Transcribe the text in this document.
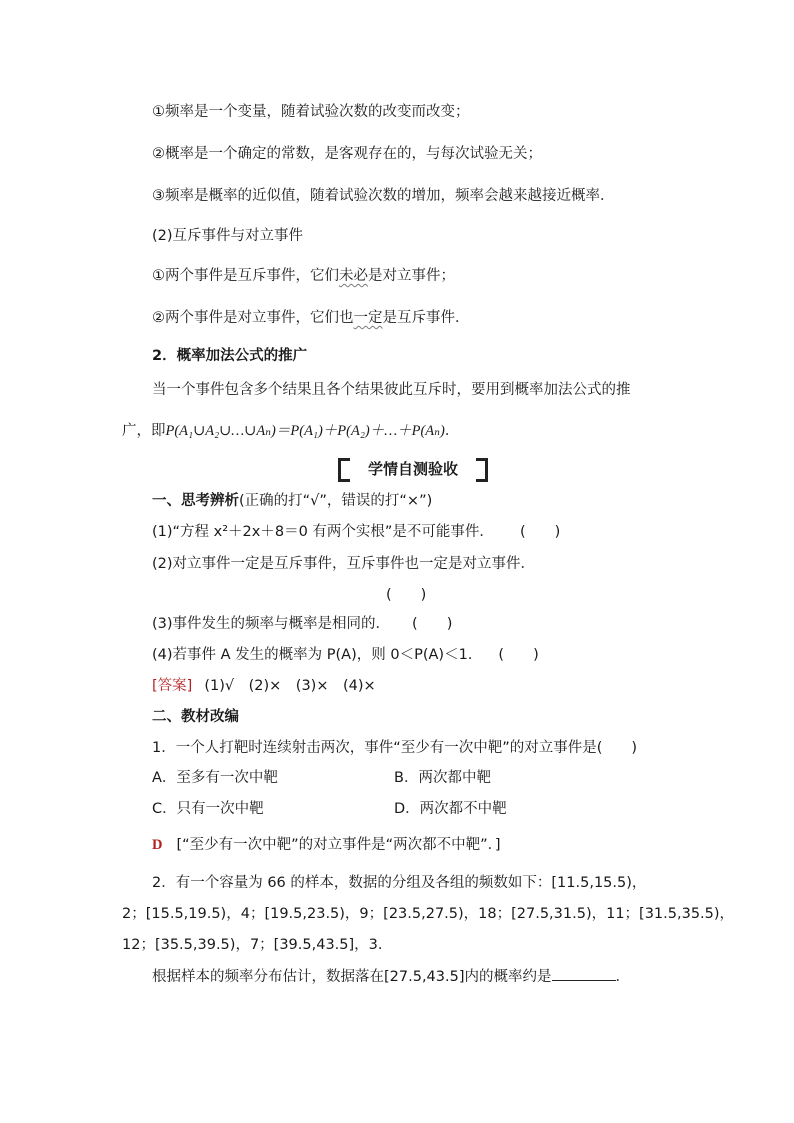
①频率是一个变量，随着试验次数的改变而改变；
②概率是一个确定的常数，是客观存在的，与每次试验无关；
③频率是概率的近似值，随着试验次数的增加，频率会越来越接近概率．
(2)互斥事件与对立事件
①两个事件是互斥事件，它们未必是对立事件；
②两个事件是对立事件，它们也一定是互斥事件．
2．概率加法公式的推广
当一个事件包含多个结果且各个结果彼此互斥时，要用到概率加法公式的推
广，即P(A₁∪A₂∪…∪Aₙ)＝P(A₁)＋P(A₂)＋…＋P(Aₙ)．
学情自测验收
一、思考辨析(正确的打“√”，错误的打“×”)
(1)“方程 x²＋2x＋8＝0 有两个实根”是不可能事件． (　　)
(2)对立事件一定是互斥事件，互斥事件也一定是对立事件．
(　　)
(3)事件发生的频率与概率是相同的． (　　)
(4)若事件 A 发生的概率为 P(A)，则 0＜P(A)＜1. (　　)
[答案] (1)√　(2)×　(3)×　(4)×
二、教材改编
1．一个人打靶时连续射击两次，事件“至少有一次中靶”的对立事件是(　　)
A．至多有一次中靶	B．两次都中靶
C．只有一次中靶	D．两次都不中靶
D [“至少有一次中靶”的对立事件是“两次都不中靶”．]
2．有一个容量为 66 的样本，数据的分组及各组的频数如下：[11.5,15.5)，
2；[15.5,19.5)，4；[19.5,23.5)，9；[23.5,27.5)，18；[27.5,31.5)，11；[31.5,35.5)，
12；[35.5,39.5)，7；[39.5,43.5]，3.
根据样本的频率分布估计，数据落在[27.5,43.5]内的概率约是	．
